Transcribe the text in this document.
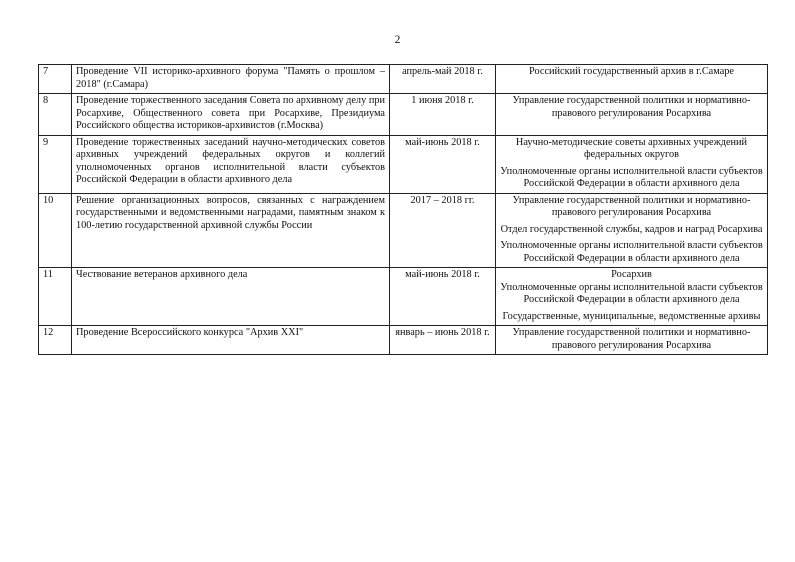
2
7	Проведение VII историко-архивного форума "Память о прошлом – 2018" (г.Самара)	апрель-май 2018 г.	Российский государственный архив в г.Самаре

8	Проведение торжественного заседания Совета по архивному делу при Росархиве, Общественного совета при Росархиве, Президиума Российского общества историков-архивистов (г.Москва)	1 июня 2018 г.	Управление государственной политики и нормативно-правового регулирования Росархива

9	Проведение торжественных заседаний научно-методических советов архивных учреждений федеральных округов и коллегий уполномоченных органов исполнительной власти субъектов Российской Федерации в области архивного дела	май-июнь 2018 г.	Научно-методические советы архивных учреждений федеральных округов

Уполномоченные органы исполнительной власти субъектов Российской Федерации в области архивного дела

10	Решение организационных вопросов, связанных с награждением государственными и ведомственными наградами, памятным знаком к 100-летию государственной архивной службы России	2017 – 2018 гг.	Управление государственной политики и нормативно-правового регулирования Росархива

Отдел государственной службы, кадров и наград Росархива

Уполномоченные органы исполнительной власти субъектов Российской Федерации в области архивного дела

11	Чествование ветеранов архивного дела	май-июнь 2018 г.	Росархив

Уполномоченные органы исполнительной власти субъектов Российской Федерации в области архивного дела

Государственные, муниципальные, ведомственные архивы

12	Проведение Всероссийского конкурса "Архив XXI"	январь – июнь 2018 г.	Управление государственной политики и нормативно-правового регулирования Росархива
